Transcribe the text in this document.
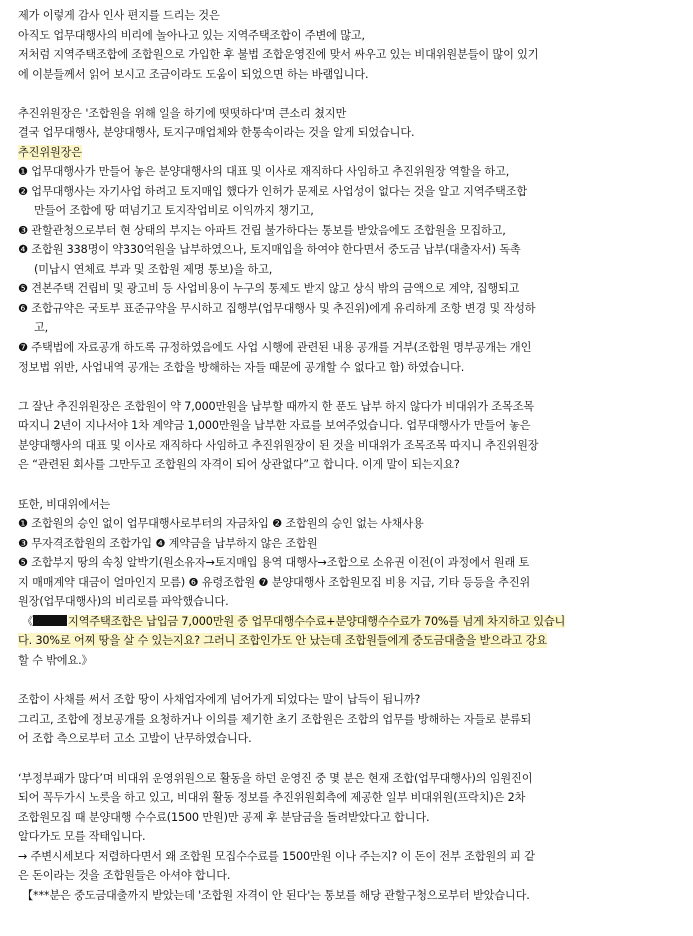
제가 이렇게 감사 인사 편지를 드리는 것은
아직도 업무대행사의 비리에 놀아나고 있는 지역주택조합이 주변에 많고,
저처럼 지역주택조합에 조합원으로 가입한 후 불법 조합운영진에 맞서 싸우고 있는 비대위원분들이 많이 있기
에 이분들께서 읽어 보시고 조금이라도 도움이 되었으면 하는 바램입니다.
추진위원장은 '조합원을 위해 일을 하기에 떳떳하다'며 큰소리 쳤지만
결국 업무대행사, 분양대행사, 토지구매업체와 한통속이라는 것을 알게 되었습니다.
추진위원장은
❶ 업무대행사가 만들어 놓은 분양대행사의 대표 및 이사로 재직하다 사임하고 추진위원장 역할을 하고,
❷ 업무대행사는 자기사업 하려고 토지매입 했다가 인허가 문제로 사업성이 없다는 것을 알고 지역주택조합
만들어 조합에 땅 떠넘기고 토지작업비로 이익까지 챙기고,
❸ 관할관청으로부터 현 상태의 부지는 아파트 건립 불가하다는 통보를 받았음에도 조합원을 모집하고,
❹ 조합원 338명이 약330억원을 납부하였으나, 토지매입을 하여야 한다면서 중도금 납부(대출자서) 독촉
(미납시 연체료 부과 및 조합원 제명 통보)을 하고,
❺ 견본주택 건립비 및 광고비 등 사업비용이 누구의 통제도 받지 않고 상식 밖의 금액으로 계약, 집행되고
❻ 조합규약은 국토부 표준규약을 무시하고 집행부(업무대행사 및 추진위)에게 유리하게 조항 변경 및 작성하
고,
❼ 주택법에 자료공개 하도록 규정하였음에도 사업 시행에 관련된 내용 공개를 거부(조합원 명부공개는 개인
정보법 위반, 사업내역 공개는 조합을 방해하는 자들 때문에 공개할 수 없다고 함) 하였습니다.
그 잘난 추진위원장은 조합원이 약 7,000만원을 납부할 때까지 한 푼도 납부 하지 않다가 비대위가 조목조목
따지니 2년이 지나서야 1차 계약금 1,000만원을 납부한 자료를 보여주었습니다. 업무대행사가 만들어 놓은
분양대행사의 대표 및 이사로 재직하다 사임하고 추진위원장이 된 것을 비대위가 조목조목 따지니 추진위원장
은 “관련된 회사를 그만두고 조합원의 자격이 되어 상관없다”고 합니다. 이게 말이 되는지요?
또한, 비대위에서는
❶ 조합원의 승인 없이 업무대행사로부터의 자금차입 ❷ 조합원의 승인 없는 사채사용
❸ 무자격조합원의 조합가입 ❹ 계약금을 납부하지 않은 조합원
❺ 조합부지 땅의 속칭 알박기(원소유자→토지매입 용역 대행사→조합으로 소유권 이전(이 과정에서 원래 토
지 매매계약 대금이 얼마인지 모름) ❻ 유령조합원 ❼ 분양대행사 조합원모집 비용 지급, 기타 등등을 추진위
원장(업무대행사)의 비리로를 파악했습니다.
《	지역주택조합은 납입금 7,000만원 중 업무대행수수료+분양대행수수료가 70%를 넘게 차지하고 있습니
다. 30%로 어찌 땅을 살 수 있는지요? 그러니 조합인가도 안 났는데 조합원들에게 중도금대출을 받으라고 강요
할 수 밖에요.》
조합이 사채를 써서 조합 땅이 사채업자에게 넘어가게 되었다는 말이 납득이 됩니까?
그리고, 조합에 정보공개를 요청하거나 이의를 제기한 초기 조합원은 조합의 업무를 방해하는 자들로 분류되
어 조합 측으로부터 고소 고발이 난무하였습니다.
‘부정부패가 많다’며 비대위 운영위원으로 활동을 하던 운영진 중 몇 분은 현재 조합(업무대행사)의 임원진이
되어 꼭두가시 노릇을 하고 있고, 비대위 활동 정보를 추진위원회측에 제공한 일부 비대위원(프락치)은 2차
조합원모집 때 분양대행 수수료(1500 만원)만 공제 후 분담금을 돌려받았다고 합니다.
알다가도 모를 작태입니다.
→ 주변시세보다 저렴하다면서 왜 조합원 모집수수료를 1500만원 이나 주는지? 이 돈이 전부 조합원의 피 같
은 돈이라는 것을 조합원들은 아셔야 합니다.
【***분은 중도금대출까지 받았는데 '조합원 자격이 안 된다'는 통보를 해당 관할구청으로부터 받았습니다.
